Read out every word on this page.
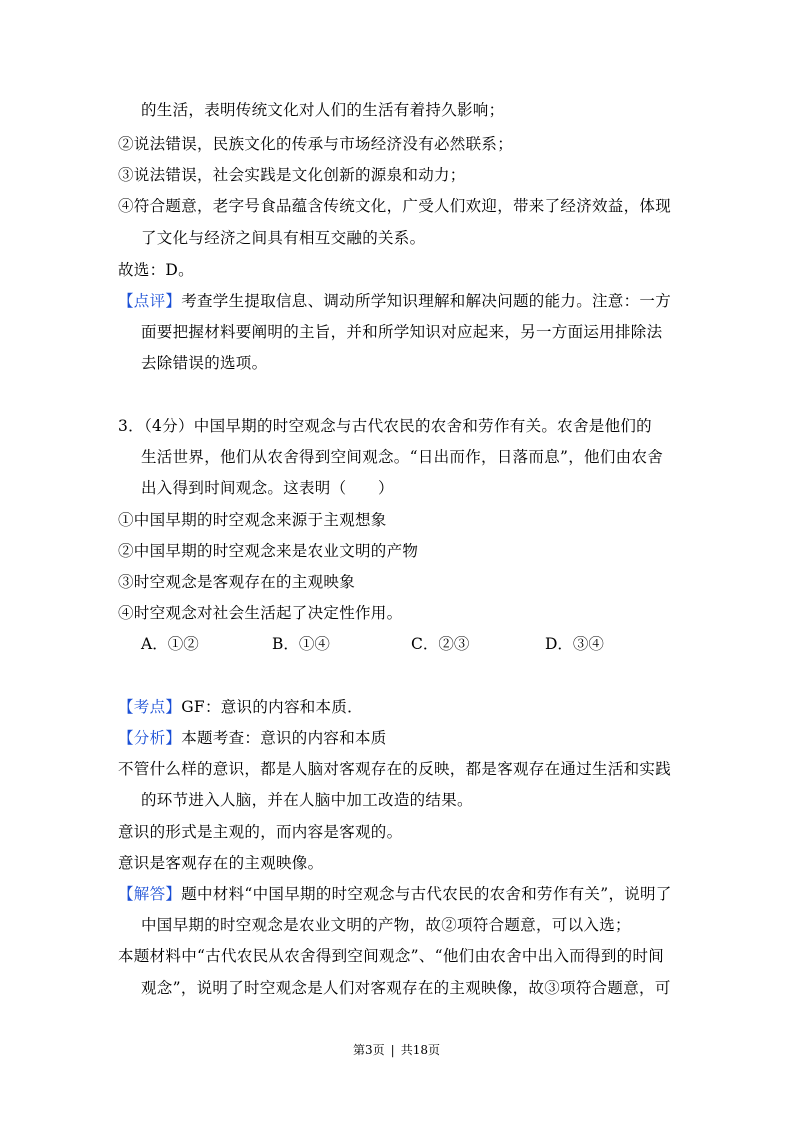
的生活，表明传统文化对人们的生活有着持久影响；
②说法错误，民族文化的传承与市场经济没有必然联系；
③说法错误，社会实践是文化创新的源泉和动力；
④符合题意，老字号食品蕴含传统文化，广受人们欢迎，带来了经济效益，体现
了文化与经济之间具有相互交融的关系。
故选：D。
【点评】考查学生提取信息、调动所学知识理解和解决问题的能力。注意：一方
面要把握材料要阐明的主旨，并和所学知识对应起来，另一方面运用排除法
去除错误的选项。
3．（4分）中国早期的时空观念与古代农民的农舍和劳作有关。农舍是他们的
生活世界，他们从农舍得到空间观念。“日出而作，日落而息”，他们由农舍
出入得到时间观念。这表明（　　）
①中国早期的时空观念来源于主观想象
②中国早期的时空观念来是农业文明的产物
③时空观念是客观存在的主观映象
④时空观念对社会生活起了决定性作用。
A．①②	B．①④	C．②③	D．③④
【考点】GF：意识的内容和本质．
【分析】本题考查：意识的内容和本质
不管什么样的意识，都是人脑对客观存在的反映，都是客观存在通过生活和实践
的环节进入人脑，并在人脑中加工改造的结果。
意识的形式是主观的，而内容是客观的。
意识是客观存在的主观映像。
【解答】题中材料“中国早期的时空观念与古代农民的农舍和劳作有关”，说明了
中国早期的时空观念是农业文明的产物，故②项符合题意，可以入选；
本题材料中“古代农民从农舍得到空间观念”、“他们由农舍中出入而得到的时间
观念”，说明了时空观念是人们对客观存在的主观映像，故③项符合题意，可
第3页 | 共18页
